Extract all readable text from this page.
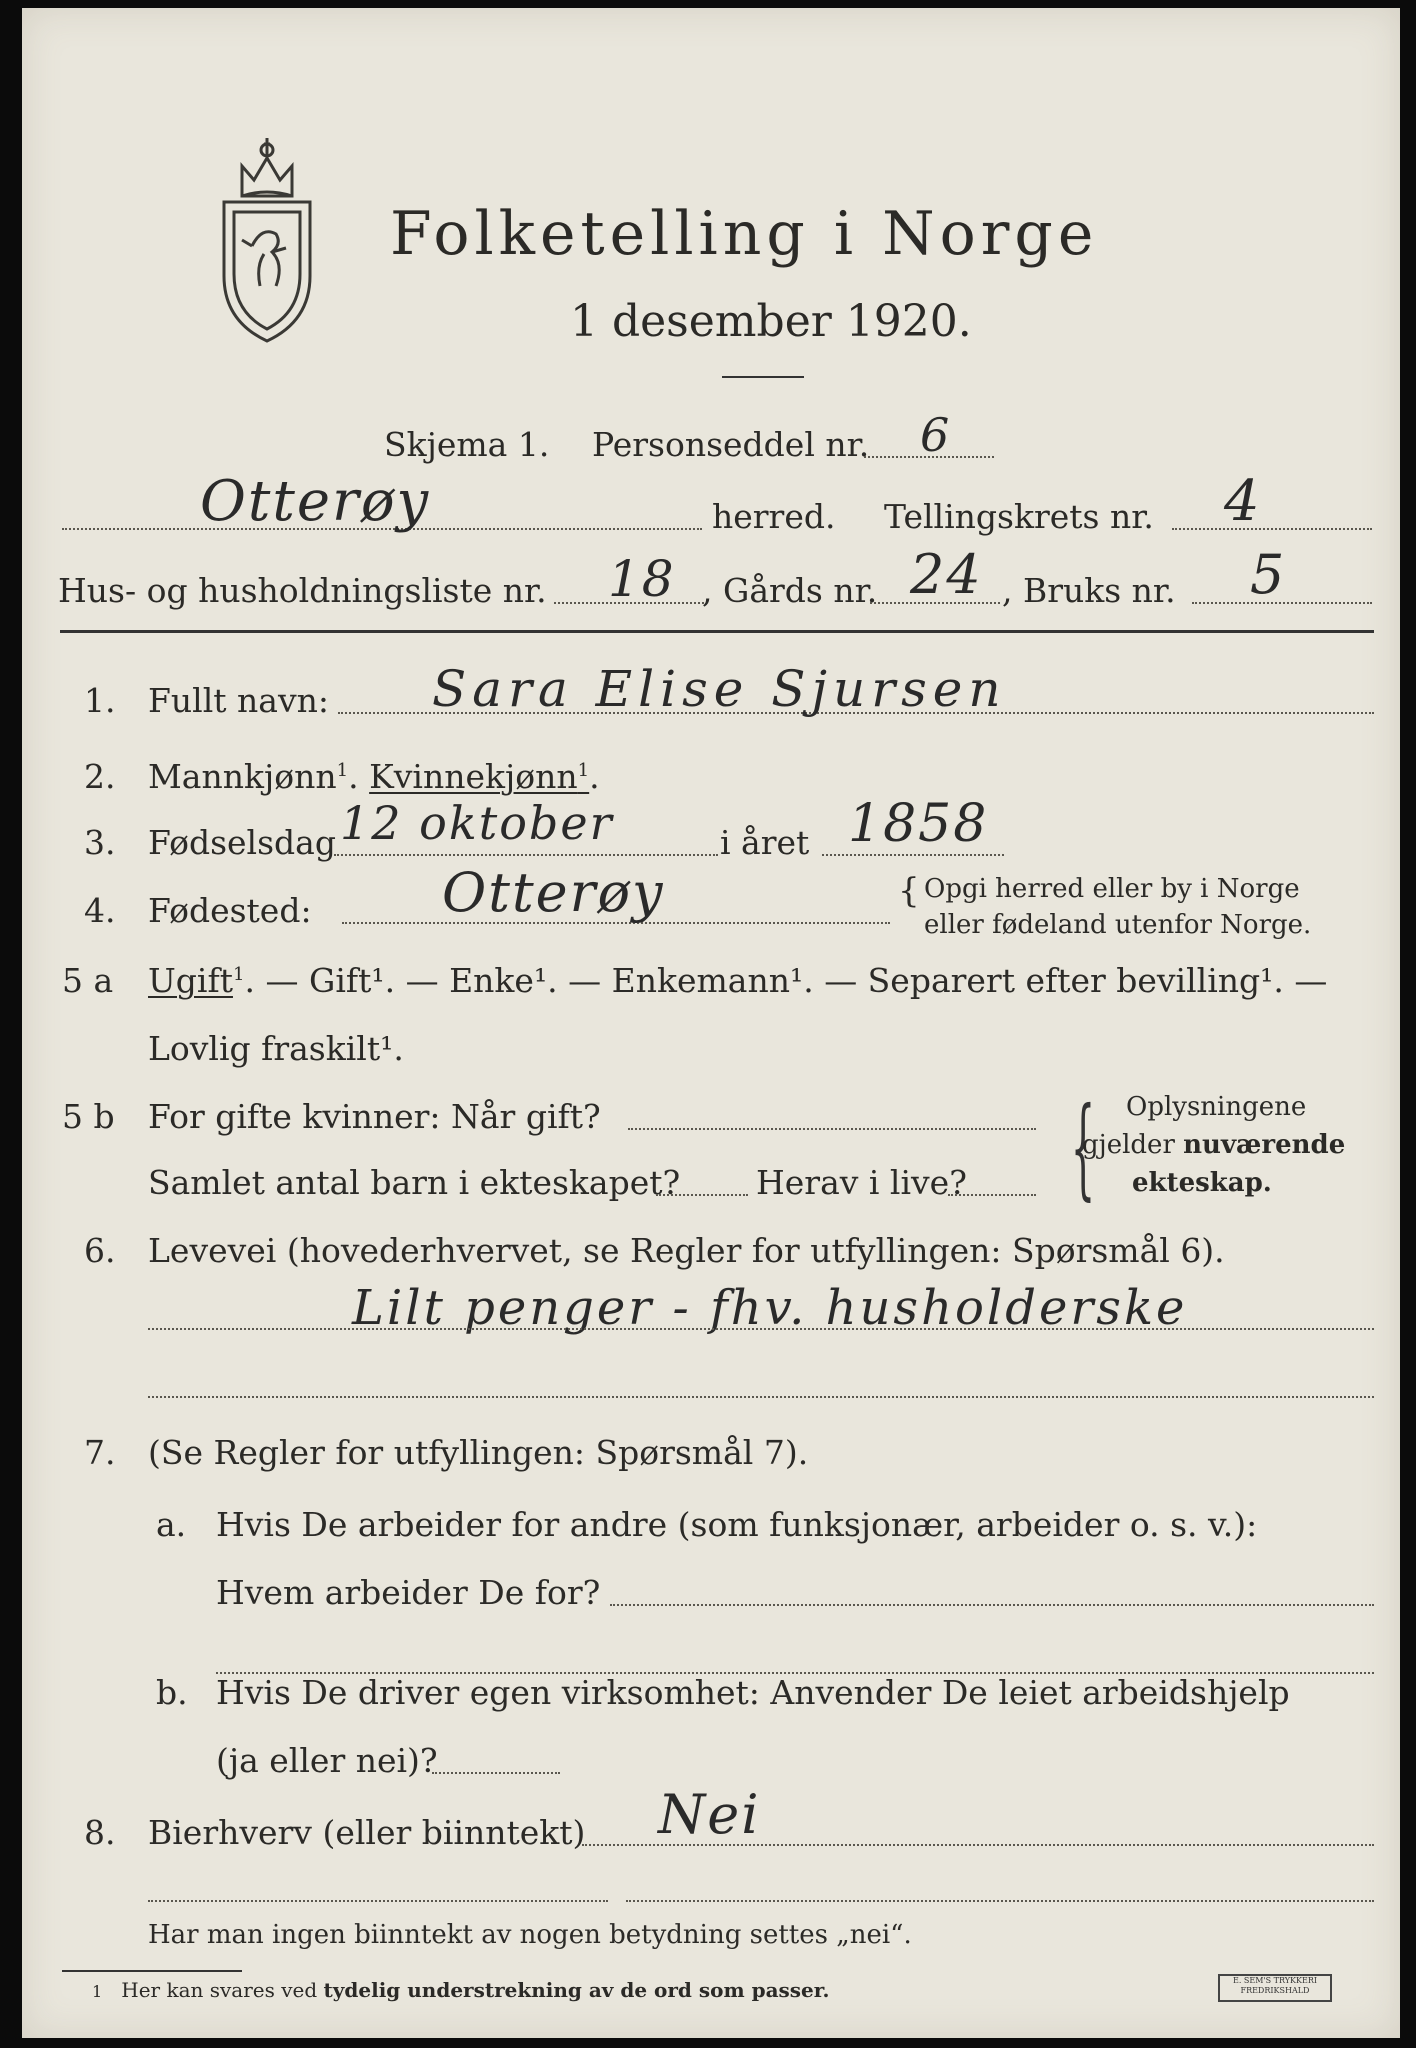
Folketelling i Norge
1 desember 1920.
Skjema 1. Personseddel nr. 6
Otterøy	herred. Tellingskrets nr. 4
Hus- og husholdningsliste nr. 18 , Gårds nr. 24 , Bruks nr. 5
1. Fullt navn: Sara Elise Sjursen
2. Mannkjønn$^1$. Kvinnekjønn$^1$.
3. Fødselsdag 12 oktober	i året 1858
4. Fødested: Otterøy	{ Opgi herred eller by i Norge
eller fødeland utenfor Norge.
5 a Ugift$^1$. — Gift¹. — Enke¹. — Enkemann¹. — Separert efter bevilling¹. —
Lovlig fraskilt¹.
5 b For gifte kvinner: Når gift?
Samlet antal barn i ekteskapet? Herav i live? { Oplysningene
gjelder nuværende
ekteskap.
6. Levevei (hovederhvervet, se Regler for utfyllingen: Spørsmål 6).
Lilt penger - fhv. husholderske
7. (Se Regler for utfyllingen: Spørsmål 7).
a. Hvis De arbeider for andre (som funksjonær, arbeider o. s. v.):
Hvem arbeider De for?
b. Hvis De driver egen virksomhet: Anvender De leiet arbeidshjelp
(ja eller nei)?
8. Bierhverv (eller biinntekt) Nei
Har man ingen biinntekt av nogen betydning settes „nei“.
1 Her kan svares ved tydelig understrekning av de ord som passer.	E. SEM'S TRYKKERI
FREDRIKSHALD
